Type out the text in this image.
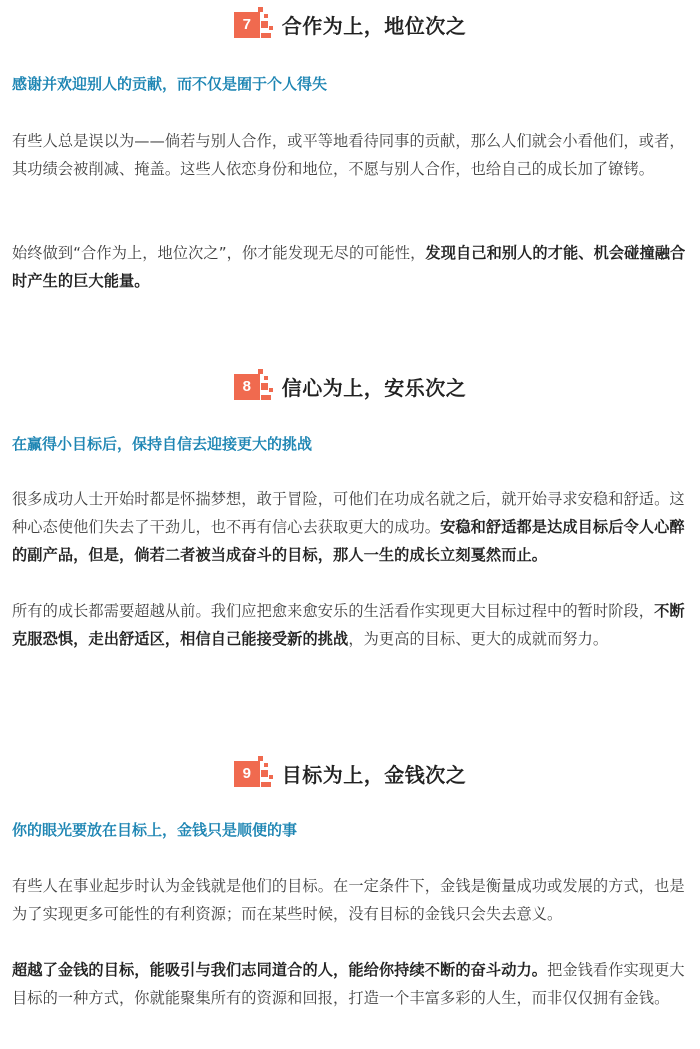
7	合作为上，地位次之
感谢并欢迎别人的贡献，而不仅是囿于个人得失

有些人总是误以为——倘若与别人合作，或平等地看待同事的贡献，那么人们就会小看他们，或者，其功绩会被削减、掩盖。这些人依恋身份和地位，不愿与别人合作，也给自己的成长加了镣铐。

始终做到“合作为上，地位次之”，你才能发现无尽的可能性，发现自己和别人的才能、机会碰撞融合时产生的巨大能量。

8	信心为上，安乐次之
在赢得小目标后，保持自信去迎接更大的挑战

很多成功人士开始时都是怀揣梦想，敢于冒险，可他们在功成名就之后，就开始寻求安稳和舒适。这种心态使他们失去了干劲儿，也不再有信心去获取更大的成功。安稳和舒适都是达成目标后令人心醉的副产品，但是，倘若二者被当成奋斗的目标，那人一生的成长立刻戛然而止。

所有的成长都需要超越从前。我们应把愈来愈安乐的生活看作实现更大目标过程中的暂时阶段，不断克服恐惧，走出舒适区，相信自己能接受新的挑战，为更高的目标、更大的成就而努力。

9	目标为上，金钱次之
你的眼光要放在目标上，金钱只是顺便的事

有些人在事业起步时认为金钱就是他们的目标。在一定条件下，金钱是衡量成功或发展的方式，也是为了实现更多可能性的有利资源；而在某些时候，没有目标的金钱只会失去意义。

超越了金钱的目标，能吸引与我们志同道合的人，能给你持续不断的奋斗动力。把金钱看作实现更大目标的一种方式，你就能聚集所有的资源和回报，打造一个丰富多彩的人生，而非仅仅拥有金钱。
